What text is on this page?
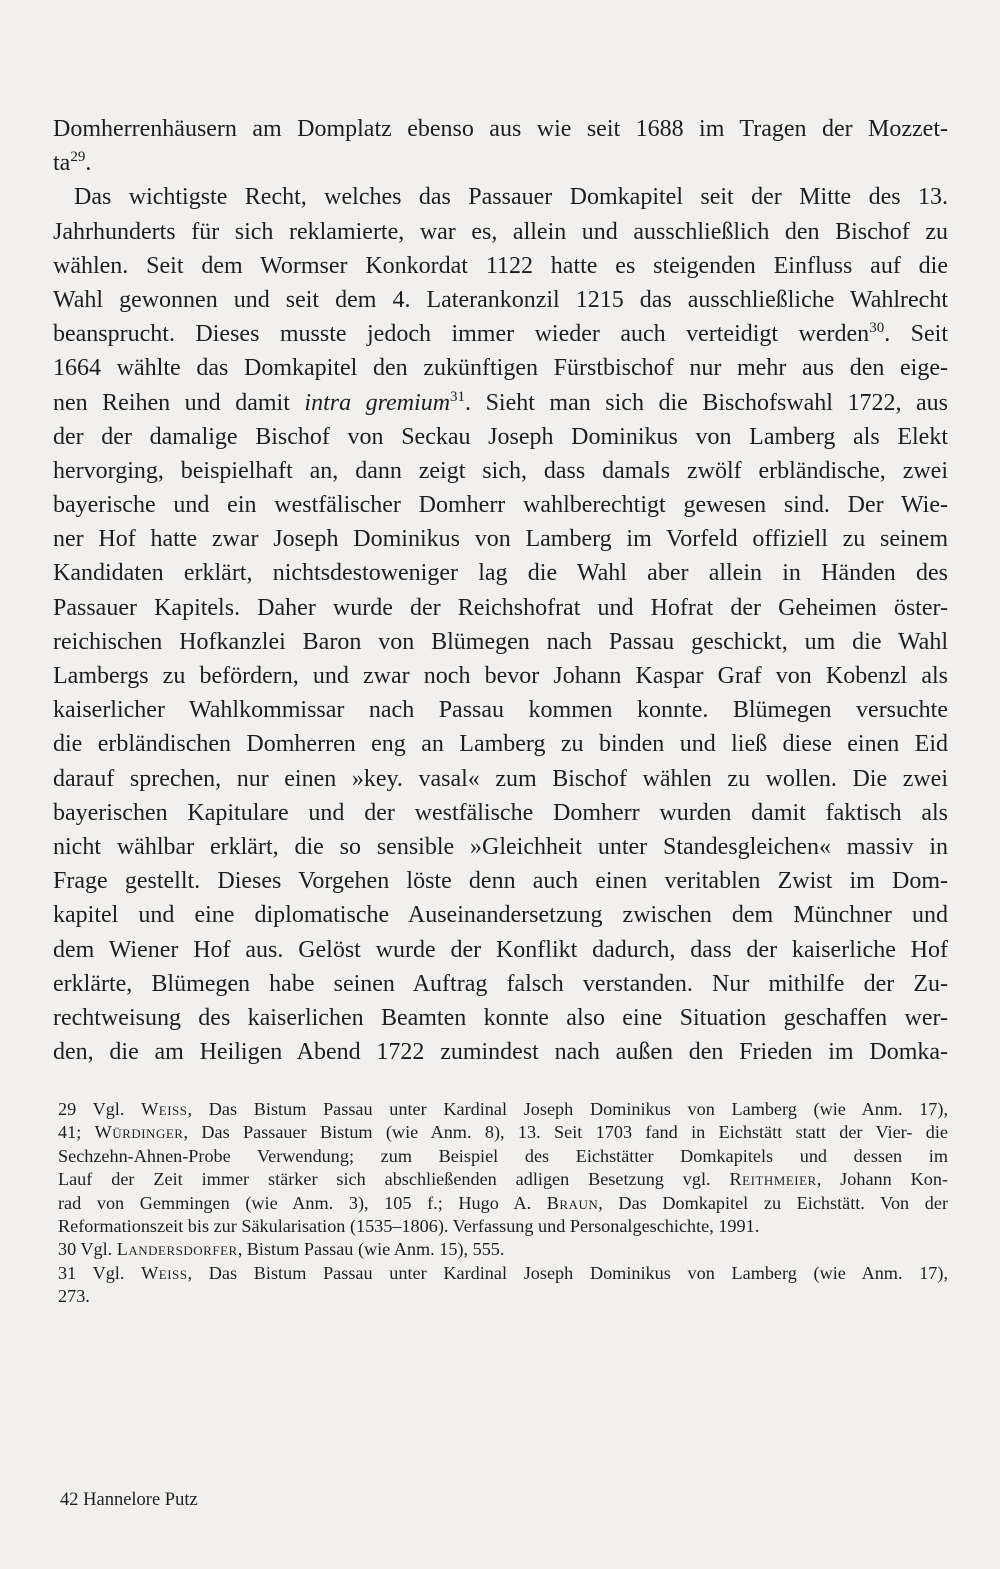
Domherrenhäusern am Domplatz ebenso aus wie seit 1688 im Tragen der Mozzet-
$ta^{29}$.
Das wichtigste Recht, welches das Passauer Domkapitel seit der Mitte des 13.
Jahrhunderts für sich reklamierte, war es, allein und ausschließlich den Bischof zu
wählen. Seit dem Wormser Konkordat 1122 hatte es steigenden Einfluss auf die
Wahl gewonnen und seit dem 4. Laterankonzil 1215 das ausschließliche Wahlrecht
beansprucht. Dieses musste jedoch immer wieder auch verteidigt werden$^{30}$. Seit
1664 wählte das Domkapitel den zukünftigen Fürstbischof nur mehr aus den eige-
nen Reihen und damit intra gremium$^{31}$. Sieht man sich die Bischofswahl 1722, aus
der der damalige Bischof von Seckau Joseph Dominikus von Lamberg als Elekt
hervorging, beispielhaft an, dann zeigt sich, dass damals zwölf erbländische, zwei
bayerische und ein westfälischer Domherr wahlberechtigt gewesen sind. Der Wie-
ner Hof hatte zwar Joseph Dominikus von Lamberg im Vorfeld offiziell zu seinem
Kandidaten erklärt, nichtsdestoweniger lag die Wahl aber allein in Händen des
Passauer Kapitels. Daher wurde der Reichshofrat und Hofrat der Geheimen öster-
reichischen Hofkanzlei Baron von Blümegen nach Passau geschickt, um die Wahl
Lambergs zu befördern, und zwar noch bevor Johann Kaspar Graf von Kobenzl als
kaiserlicher Wahlkommissar nach Passau kommen konnte. Blümegen versuchte
die erbländischen Domherren eng an Lamberg zu binden und ließ diese einen Eid
darauf sprechen, nur einen »key. vasal« zum Bischof wählen zu wollen. Die zwei
bayerischen Kapitulare und der westfälische Domherr wurden damit faktisch als
nicht wählbar erklärt, die so sensible »Gleichheit unter Standesgleichen« massiv in
Frage gestellt. Dieses Vorgehen löste denn auch einen veritablen Zwist im Dom-
kapitel und eine diplomatische Auseinandersetzung zwischen dem Münchner und
dem Wiener Hof aus. Gelöst wurde der Konflikt dadurch, dass der kaiserliche Hof
erklärte, Blümegen habe seinen Auftrag falsch verstanden. Nur mithilfe der Zu-
rechtweisung des kaiserlichen Beamten konnte also eine Situation geschaffen wer-
den, die am Heiligen Abend 1722 zumindest nach außen den Frieden im Domka-
29 Vgl. Weiss, Das Bistum Passau unter Kardinal Joseph Dominikus von Lamberg (wie Anm. 17),
41; Würdinger, Das Passauer Bistum (wie Anm. 8), 13. Seit 1703 fand in Eichstätt statt der Vier- die
Sechzehn-Ahnen-Probe Verwendung; zum Beispiel des Eichstätter Domkapitels und dessen im
Lauf der Zeit immer stärker sich abschließenden adligen Besetzung vgl. Reithmeier, Johann Kon-
rad von Gemmingen (wie Anm. 3), 105 f.; Hugo A. Braun, Das Domkapitel zu Eichstätt. Von der
Reformationszeit bis zur Säkularisation (1535–1806). Verfassung und Personalgeschichte, 1991.
30 Vgl. Landersdorfer, Bistum Passau (wie Anm. 15), 555.
31 Vgl. Weiss, Das Bistum Passau unter Kardinal Joseph Dominikus von Lamberg (wie Anm. 17),
273.
42 Hannelore Putz
